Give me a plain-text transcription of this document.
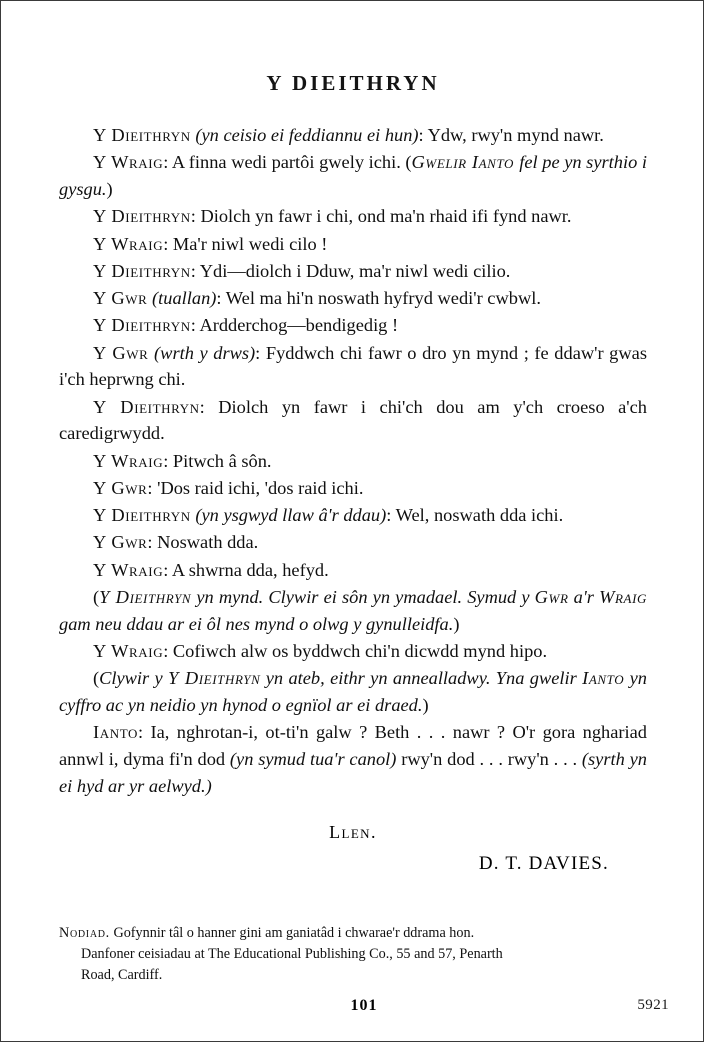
Y DIEITHRYN

Y Dieithryn (yn ceisio ei feddiannu ei hun): Ydw, rwy'n mynd nawr.

Y Wraig: A finna wedi partôi gwely ichi. (Gwelir Ianto fel pe yn syrthio i gysgu.)

Y Dieithryn: Diolch yn fawr i chi, ond ma'n rhaid ifi fynd nawr.

Y Wraig: Ma'r niwl wedi cilo !

Y Dieithryn: Ydi—diolch i Dduw, ma'r niwl wedi cilio.

Y Gwr (tuallan): Wel ma hi'n noswath hyfryd wedi'r cwbwl.

Y Dieithryn: Ardderchog—bendigedig !

Y Gwr (wrth y drws): Fyddwch chi fawr o dro yn mynd ; fe ddaw'r gwas i'ch heprwng chi.

Y Dieithryn: Diolch yn fawr i chi'ch dou am y'ch croeso a'ch caredigrwydd.

Y Wraig: Pitwch â sôn.

Y Gwr: 'Dos raid ichi, 'dos raid ichi.

Y Dieithryn (yn ysgwyd llaw â'r ddau): Wel, noswath dda ichi.

Y Gwr: Noswath dda.

Y Wraig: A shwrna dda, hefyd.

(Y Dieithryn yn mynd. Clywir ei sôn yn ymadael. Symud y Gwr a'r Wraig gam neu ddau ar ei ôl nes mynd o olwg y gynulleidfa.)

Y Wraig: Cofiwch alw os byddwch chi'n dicwdd mynd hipo.

(Clywir y Y Dieithryn yn ateb, eithr yn annealladwy. Yna gwelir Ianto yn cyffro ac yn neidio yn hynod o egnïol ar ei draed.)

Ianto: Ia, nghrotan-i, ot-ti'n galw ? Beth . . . nawr ? O'r gora nghariad annwl i, dyma fi'n dod (yn symud tua'r canol) rwy'n dod . . . rwy'n . . . (syrth yn ei hyd ar yr aelwyd.)

Llen.
D. T. DAVIES.
Nodiad. Gofynnir tâl o hanner gini am ganiatâd i chwarae'r ddrama hon.
Danfoner ceisiadau at The Educational Publishing Co., 55 and 57, Penarth
Road, Cardiff.
101	5921
